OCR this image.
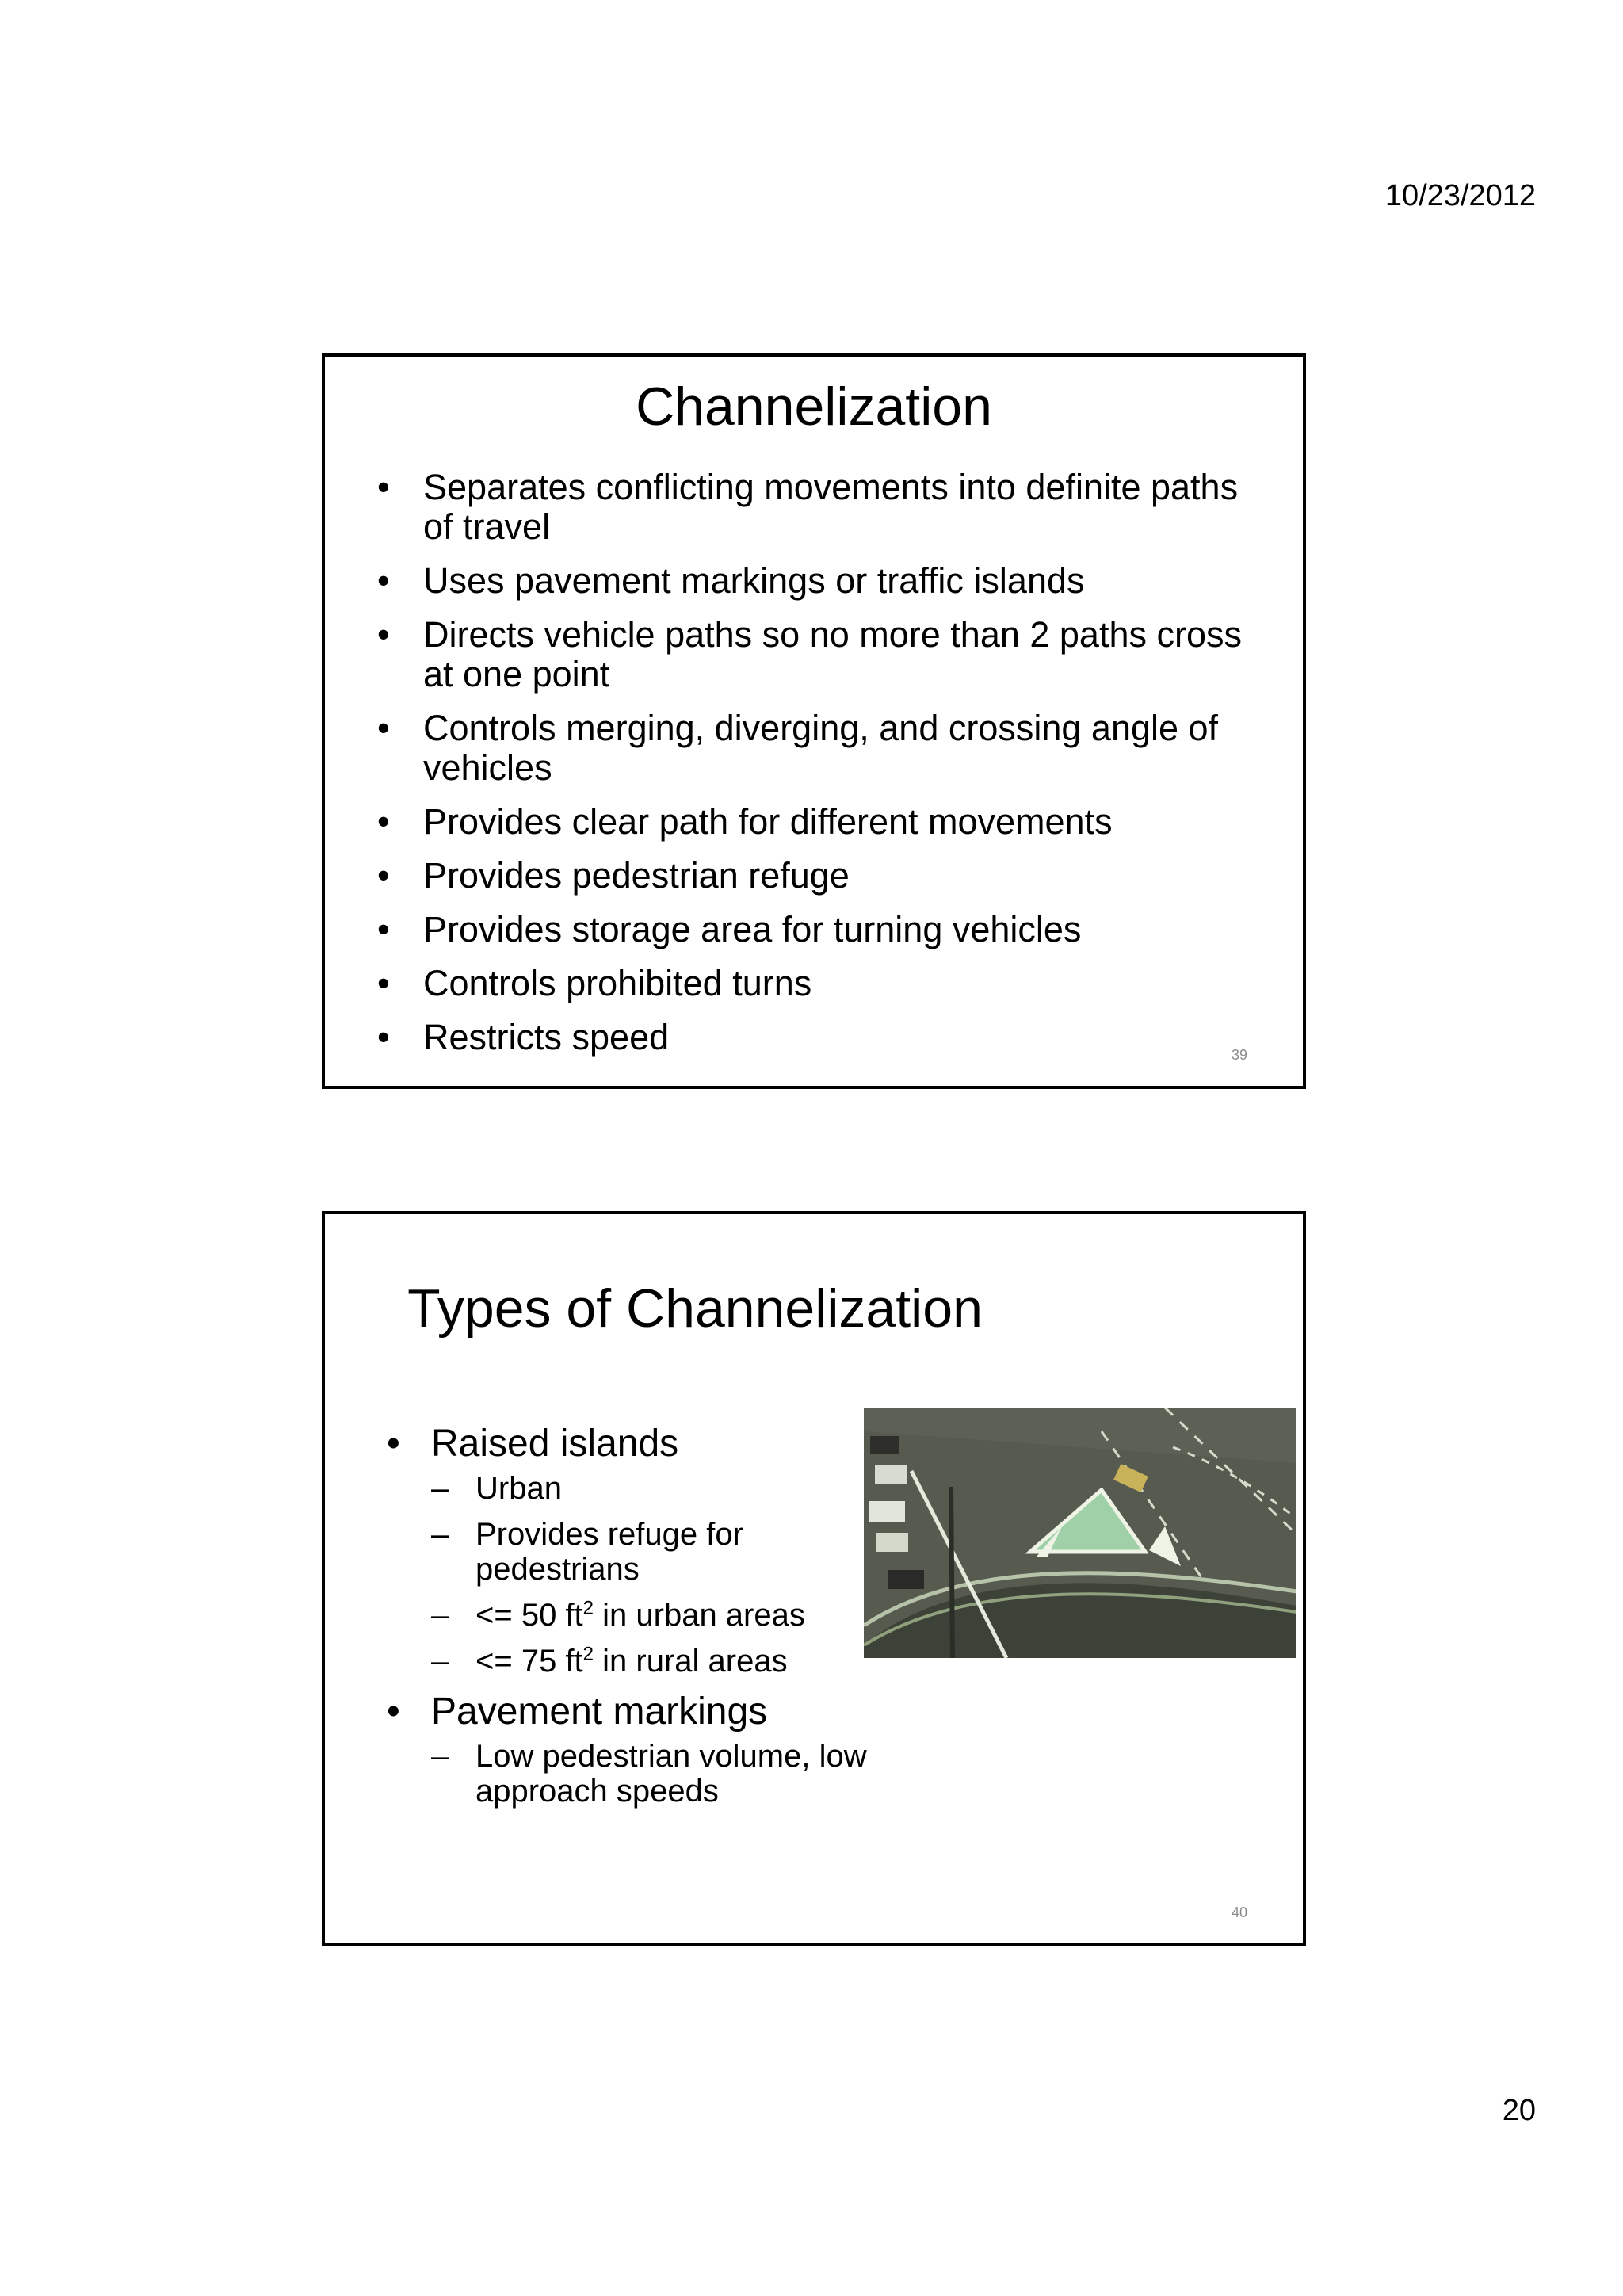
10/23/2012
Channelization
• Separates conflicting movements into definite paths of travel
• Uses pavement markings or traffic islands
• Directs vehicle paths so no more than 2 paths cross at one point
• Controls merging, diverging, and crossing angle of vehicles
• Provides clear path for different movements
• Provides pedestrian refuge
• Provides storage area for turning vehicles
• Controls prohibited turns
• Restricts speed	39
Types of Channelization
• Raised islands
– Urban
– Provides refuge for pedestrians
– <= 50 $ft^2$ in urban areas
– <= 75 $ft^2$ in rural areas
• Pavement markings
– Low pedestrian volume, low approach speeds
40
20
